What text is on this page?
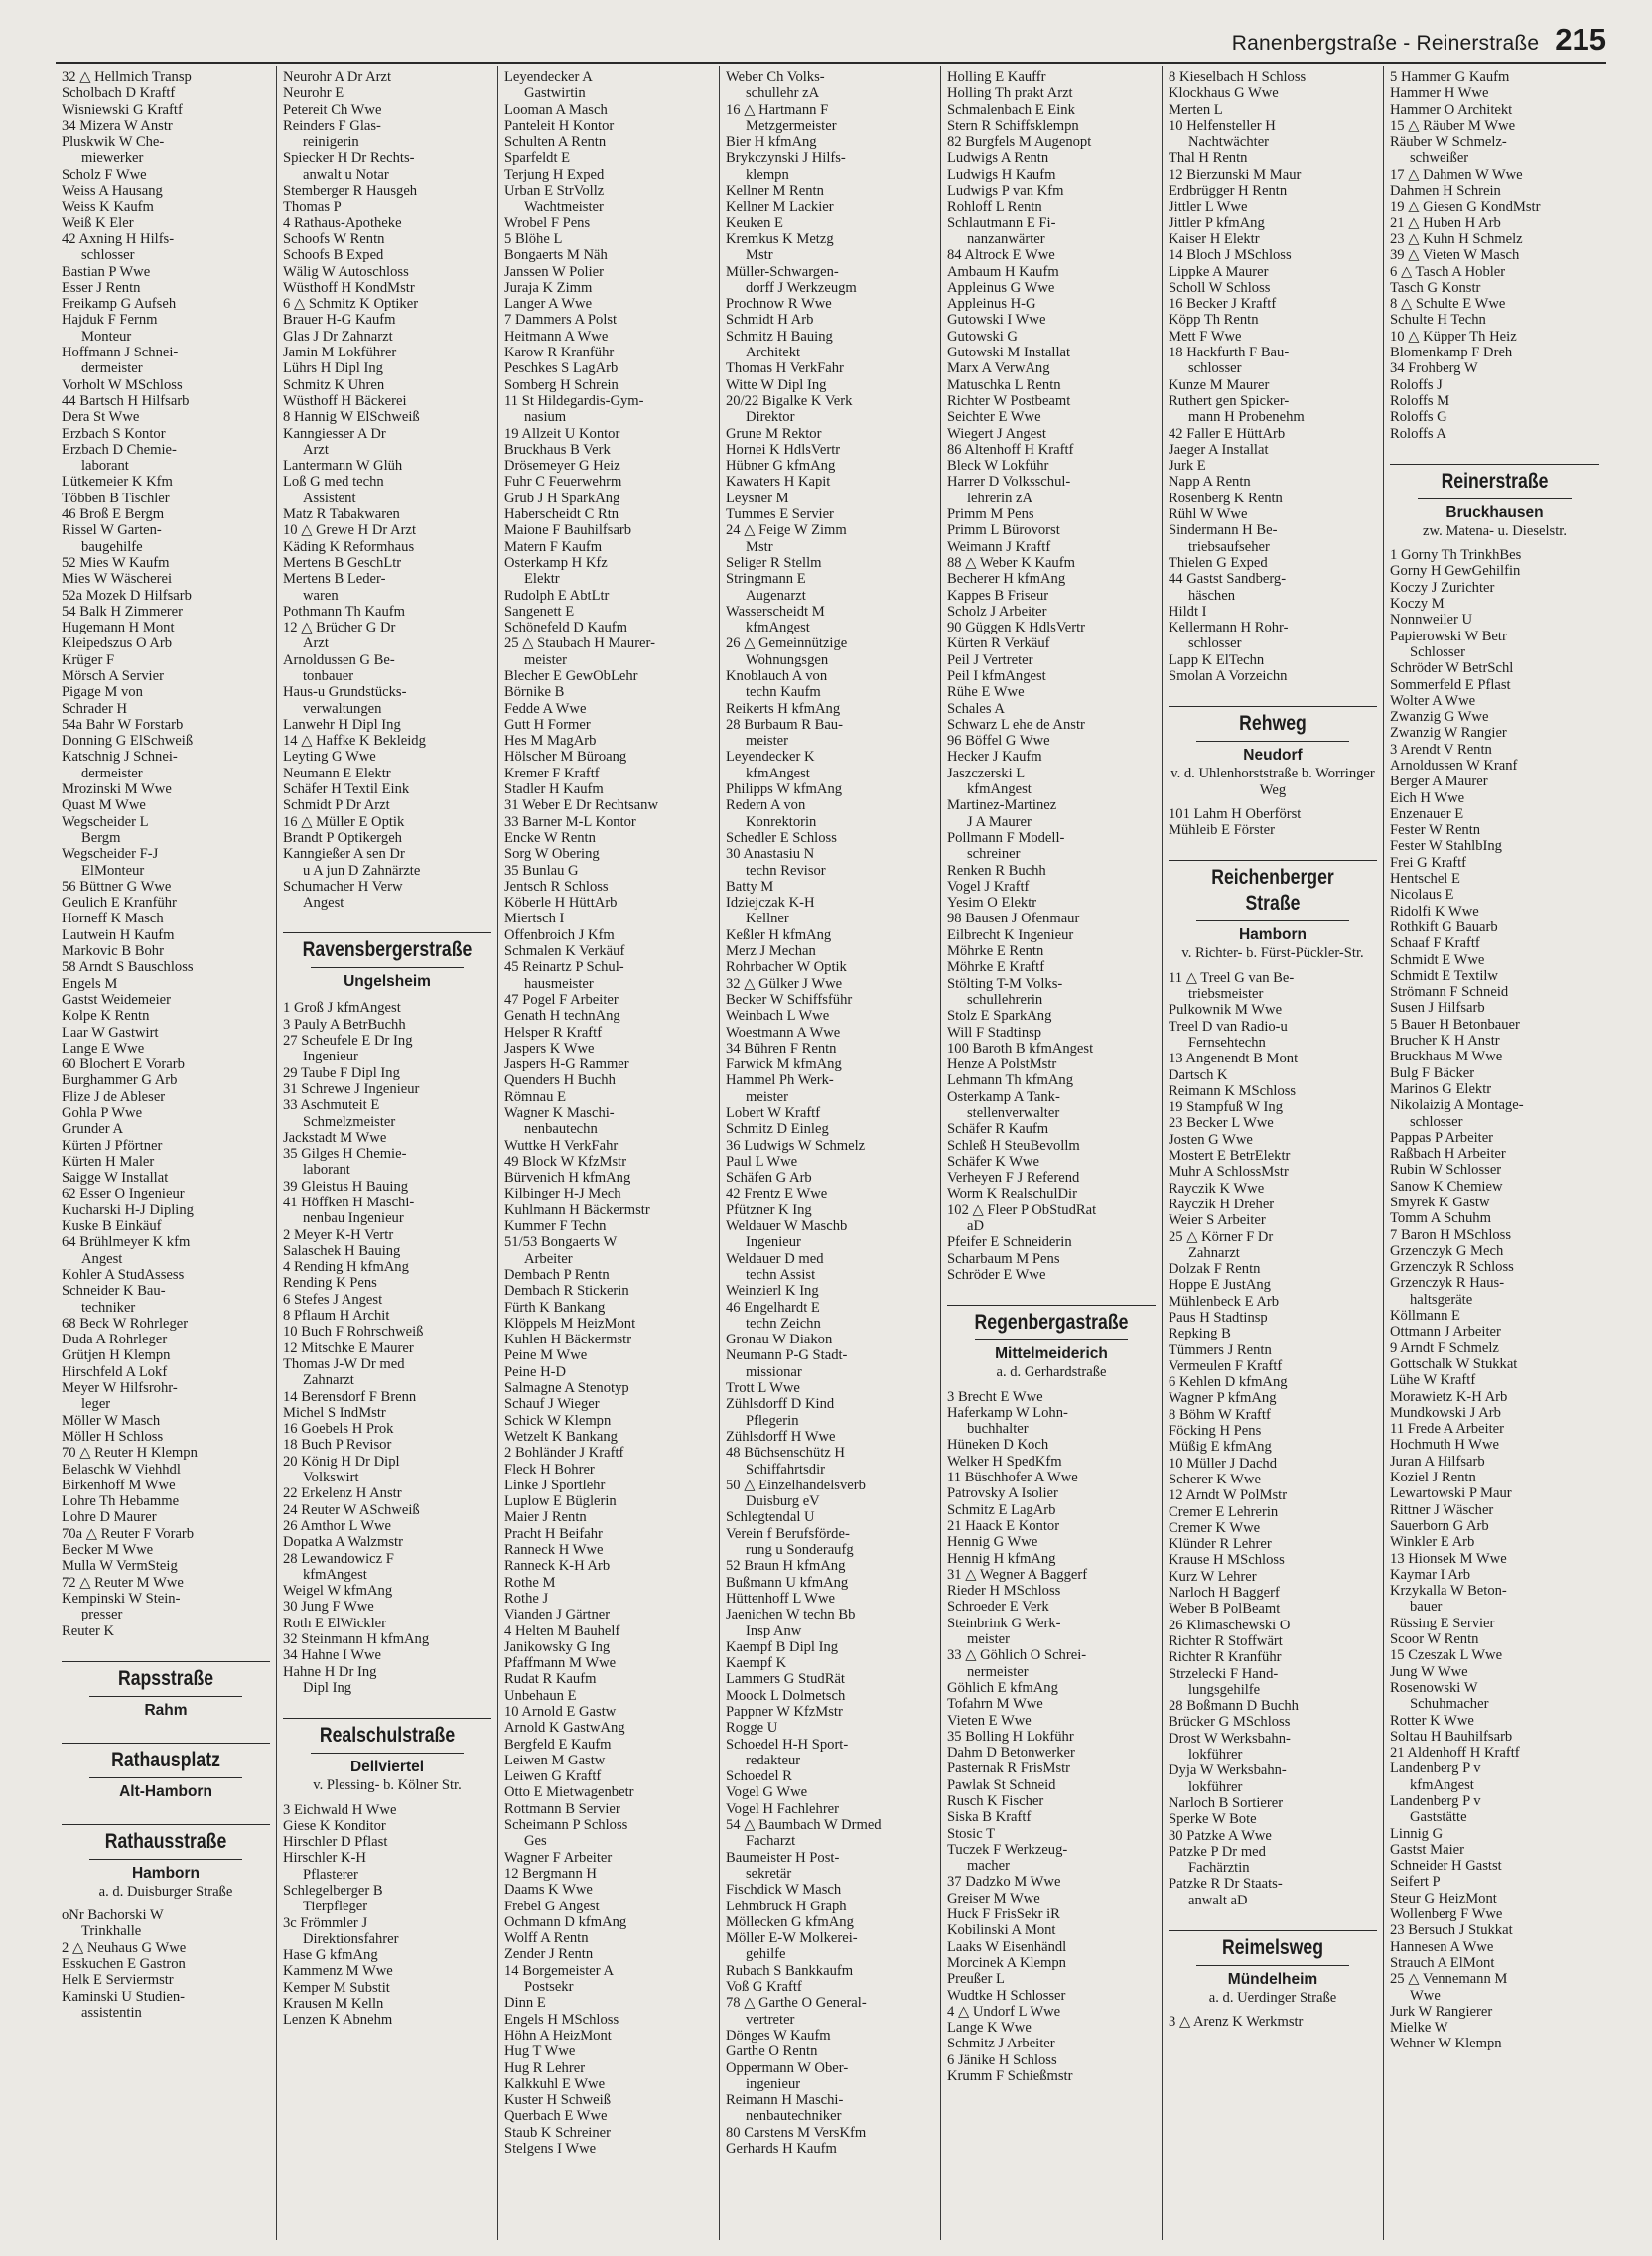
Ranenbergstraße - Reinerstraße 215
32 △ Hellmich Transp
Scholbach D Kraftf
Wisniewski G Kraftf
34 Mizera W Anstr
Pluskwik W Che-
miewerker
Scholz F Wwe
Weiss A Hausang
Weiss K Kaufm
Weiß K Eler
42 Axning H Hilfs-
schlosser
Bastian P Wwe
Esser J Rentn
Freikamp G Aufseh
Hajduk F Fernm
Monteur
Hoffmann J Schnei-
dermeister
Vorholt W MSchloss
44 Bartsch H Hilfsarb
Dera St Wwe
Erzbach S Kontor
Erzbach D Chemie-
laborant
Lütkemeier K Kfm
Többen B Tischler
46 Broß E Bergm
Rissel W Garten-
baugehilfe
52 Mies W Kaufm
Mies W Wäscherei
52a Mozek D Hilfsarb
54 Balk H Zimmerer
Hugemann H Mont
Kleipedszus O Arb
Krüger F
Mörsch A Servier
Pigage M von
Schrader H
54a Bahr W Forstarb
Donning G ElSchweiß
Katschnig J Schnei-
dermeister
Mrozinski M Wwe
Quast M Wwe
Wegscheider L
Bergm
Wegscheider F-J
ElMonteur
56 Büttner G Wwe
Geulich E Kranführ
Horneff K Masch
Lautwein H Kaufm
Markovic B Bohr
58 Arndt S Bauschloss
Engels M
Gastst Weidemeier
Kolpe K Rentn
Laar W Gastwirt
Lange E Wwe
60 Blochert E Vorarb
Burghammer G Arb
Flize J de Ableser
Gohla P Wwe
Grunder A
Kürten J Pförtner
Kürten H Maler
Saigge W Installat
62 Esser O Ingenieur
Kucharski H-J Dipling
Kuske B Einkäuf
64 Brühlmeyer K kfm
Angest
Kohler A StudAssess
Schneider K Bau-
techniker
68 Beck W Rohrleger
Duda A Rohrleger
Grütjen H Klempn
Hirschfeld A Lokf
Meyer W Hilfsrohr-
leger
Möller W Masch
Möller H Schloss
70 △ Reuter H Klempn
Belaschk W Viehhdl
Birkenhoff M Wwe
Lohre Th Hebamme
Lohre D Maurer
70a △ Reuter F Vorarb
Becker M Wwe
Mulla W VermSteig
72 △ Reuter M Wwe
Kempinski W Stein-
presser
Reuter K
Rapsstraße
Rahm
Rathausplatz
Alt-Hamborn
Rathausstraße
Hamborn
a. d. Duisburger Straße
oNr Bachorski W
Trinkhalle
2 △ Neuhaus G Wwe
Esskuchen E Gastron
Helk E Serviermstr
Kaminski U Studien-
assistentin
Neurohr A Dr Arzt
Neurohr E
Petereit Ch Wwe
Reinders F Glas-
reinigerin
Spiecker H Dr Rechts-
anwalt u Notar
Stemberger R Hausgeh
Thomas P
4 Rathaus-Apotheke
Schoofs W Rentn
Schoofs B Exped
Wälig W Autoschloss
Wüsthoff H KondMstr
6 △ Schmitz K Optiker
Brauer H-G Kaufm
Glas J Dr Zahnarzt
Jamin M Lokführer
Lührs H Dipl Ing
Schmitz K Uhren
Wüsthoff H Bäckerei
8 Hannig W ElSchweiß
Kanngiesser A Dr
Arzt
Lantermann W Glüh
Loß G med techn
Assistent
Matz R Tabakwaren
10 △ Grewe H Dr Arzt
Käding K Reformhaus
Mertens B GeschLtr
Mertens B Leder-
waren
Pothmann Th Kaufm
12 △ Brücher G Dr
Arzt
Arnoldussen G Be-
tonbauer
Haus-u Grundstücks-
verwaltungen
Lanwehr H Dipl Ing
14 △ Haffke K Bekleidg
Leyting G Wwe
Neumann E Elektr
Schäfer H Textil Eink
Schmidt P Dr Arzt
16 △ Müller E Optik
Brandt P Optikergeh
Kanngießer A sen Dr
u A jun D Zahnärzte
Schumacher H Verw
Angest
Ravensbergerstraße
Ungelsheim
1 Groß J kfmAngest
3 Pauly A BetrBuchh
27 Scheufele E Dr Ing
Ingenieur
29 Taube F Dipl Ing
31 Schrewe J Ingenieur
33 Aschmuteit E
Schmelzmeister
Jackstadt M Wwe
35 Gilges H Chemie-
laborant
39 Gleistus H Bauing
41 Höffken H Maschi-
nenbau Ingenieur
2 Meyer K-H Vertr
Salaschek H Bauing
4 Rending H kfmAng
Rending K Pens
6 Stefes J Angest
8 Pflaum H Archit
10 Buch F Rohrschweiß
12 Mitschke E Maurer
Thomas J-W Dr med
Zahnarzt
14 Berensdorf F Brenn
Michel S IndMstr
16 Goebels H Prok
18 Buch P Revisor
20 König H Dr Dipl
Volkswirt
22 Erkelenz H Anstr
24 Reuter W ASchweiß
26 Amthor L Wwe
Dopatka A Walzmstr
28 Lewandowicz F
kfmAngest
Weigel W kfmAng
30 Jung F Wwe
Roth E ElWickler
32 Steinmann H kfmAng
34 Hahne I Wwe
Hahne H Dr Ing
Dipl Ing
Realschulstraße
Dellviertel
v. Plessing- b. Kölner Str.
3 Eichwald H Wwe
Giese K Konditor
Hirschler D Pflast
Hirschler K-H
Pflasterer
Schlegelberger B
Tierpfleger
3c Frömmler J
Direktionsfahrer
Hase G kfmAng
Kammenz M Wwe
Kemper M Substit
Krausen M Kelln
Lenzen K Abnehm
Leyendecker A
Gastwirtin
Looman A Masch
Panteleit H Kontor
Schulten A Rentn
Sparfeldt E
Terjung H Exped
Urban E StrVollz
Wachtmeister
Wrobel F Pens
5 Blöhe L
Bongaerts M Näh
Janssen W Polier
Juraja K Zimm
Langer A Wwe
7 Dammers A Polst
Heitmann A Wwe
Karow R Kranführ
Peschkes S LagArb
Somberg H Schrein
11 St Hildegardis-Gym-
nasium
19 Allzeit U Kontor
Bruckhaus B Verk
Drösemeyer G Heiz
Fuhr C Feuerwehrm
Grub J H SparkAng
Haberscheidt C Rtn
Maione F Bauhilfsarb
Matern F Kaufm
Osterkamp H Kfz
Elektr
Rudolph E AbtLtr
Sangenett E
Schönefeld D Kaufm
25 △ Staubach H Maurer-
meister
Blecher E GewObLehr
Börnike B
Fedde A Wwe
Gutt H Former
Hes M MagArb
Hölscher M Büroang
Kremer F Kraftf
Stadler H Kaufm
31 Weber E Dr Rechtsanw
33 Barner M-L Kontor
Encke W Rentn
Sorg W Obering
35 Bunlau G
Jentsch R Schloss
Köberle H HüttArb
Miertsch I
Offenbroich J Kfm
Schmalen K Verkäuf
45 Reinartz P Schul-
hausmeister
47 Pogel F Arbeiter
Genath H technAng
Helsper R Kraftf
Jaspers K Wwe
Jaspers H-G Rammer
Quenders H Buchh
Römnau E
Wagner K Maschi-
nenbautechn
Wuttke H VerkFahr
49 Block W KfzMstr
Bürvenich H kfmAng
Kilbinger H-J Mech
Kuhlmann H Bäckermstr
Kummer F Techn
51/53 Bongaerts W
Arbeiter
Dembach P Rentn
Dembach R Stickerin
Fürth K Bankang
Klöppels M HeizMont
Kuhlen H Bäckermstr
Peine M Wwe
Peine H-D
Salmagne A Stenotyp
Schauf J Wieger
Schick W Klempn
Wetzelt K Bankang
2 Bohländer J Kraftf
Fleck H Bohrer
Linke J Sportlehr
Luplow E Büglerin
Maier J Rentn
Pracht H Beifahr
Ranneck H Wwe
Ranneck K-H Arb
Rothe M
Rothe J
Vianden J Gärtner
4 Helten M Bauhelf
Janikowsky G Ing
Pfaffmann M Wwe
Rudat R Kaufm
Unbehaun E
10 Arnold E Gastw
Arnold K GastwAng
Bergfeld E Kaufm
Leiwen M Gastw
Leiwen G Kraftf
Otto E Mietwagenbetr
Rottmann B Servier
Scheimann P Schloss
Ges
Wagner F Arbeiter
12 Bergmann H
Daams K Wwe
Frebel G Angest
Ochmann D kfmAng
Wolff A Rentn
Zender J Rentn
14 Borgemeister A
Postsekr
Dinn E
Engels H MSchloss
Höhn A HeizMont
Hug T Wwe
Hug R Lehrer
Kalkkuhl E Wwe
Kuster H Schweiß
Querbach E Wwe
Staub K Schreiner
Stelgens I Wwe
Weber Ch Volks-
schullehr zA
16 △ Hartmann F
Metzgermeister
Bier H kfmAng
Brykczynski J Hilfs-
klempn
Kellner M Rentn
Kellner M Lackier
Keuken E
Kremkus K Metzg
Mstr
Müller-Schwargen-
dorff J Werkzeugm
Prochnow R Wwe
Schmidt H Arb
Schmitz H Bauing
Architekt
Thomas H VerkFahr
Witte W Dipl Ing
20/22 Bigalke K Verk
Direktor
Grune M Rektor
Hornei K HdlsVertr
Hübner G kfmAng
Kawaters H Kapit
Leysner M
Tummes E Servier
24 △ Feige W Zimm
Mstr
Seliger R Stellm
Stringmann E
Augenarzt
Wasserscheidt M
kfmAngest
26 △ Gemeinnützige
Wohnungsgen
Knoblauch A von
techn Kaufm
Reikerts H kfmAng
28 Burbaum R Bau-
meister
Leyendecker K
kfmAngest
Philipps W kfmAng
Redern A von
Konrektorin
Schedler E Schloss
30 Anastasiu N
techn Revisor
Batty M
Idziejczak K-H
Kellner
Keßler H kfmAng
Merz J Mechan
Rohrbacher W Optik
32 △ Gülker J Wwe
Becker W Schiffsführ
Weinbach L Wwe
Woestmann A Wwe
34 Bühren F Rentn
Farwick M kfmAng
Hammel Ph Werk-
meister
Lobert W Kraftf
Schmitz D Einleg
36 Ludwigs W Schmelz
Paul L Wwe
Schäfen G Arb
42 Frentz E Wwe
Pfützner K Ing
Weldauer W Maschb
Ingenieur
Weldauer D med
techn Assist
Weinzierl K Ing
46 Engelhardt E
techn Zeichn
Gronau W Diakon
Neumann P-G Stadt-
missionar
Trott L Wwe
Zühlsdorff D Kind
Pflegerin
Zühlsdorff H Wwe
48 Büchsenschütz H
Schiffahrtsdir
50 △ Einzelhandelsverb
Duisburg eV
Schlegtendal U
Verein f Berufsförde-
rung u Sonderaufg
52 Braun H kfmAng
Bußmann U kfmAng
Hüttenhoff L Wwe
Jaenichen W techn Bb
Insp Anw
Kaempf B Dipl Ing
Kaempf K
Lammers G StudRät
Moock L Dolmetsch
Pappner W KfzMstr
Rogge U
Schoedel H-H Sport-
redakteur
Schoedel R
Vogel G Wwe
Vogel H Fachlehrer
54 △ Baumbach W Drmed
Facharzt
Baumeister H Post-
sekretär
Fischdick W Masch
Lehmbruck H Graph
Möllecken G kfmAng
Möller E-W Molkerei-
gehilfe
Rubach S Bankkaufm
Voß G Kraftf
78 △ Garthe O General-
vertreter
Dönges W Kaufm
Garthe O Rentn
Oppermann W Ober-
ingenieur
Reimann H Maschi-
nenbautechniker
80 Carstens M VersKfm
Gerhards H Kaufm
Holling E Kauffr
Holling Th prakt Arzt
Schmalenbach E Eink
Stern R Schiffsklempn
82 Burgfels M Augenopt
Ludwigs A Rentn
Ludwigs H Kaufm
Ludwigs P van Kfm
Rohloff L Rentn
Schlautmann E Fi-
nanzanwärter
84 Altrock E Wwe
Ambaum H Kaufm
Appleinus G Wwe
Appleinus H-G
Gutowski I Wwe
Gutowski G
Gutowski M Installat
Marx A VerwAng
Matuschka L Rentn
Richter W Postbeamt
Seichter E Wwe
Wiegert J Angest
86 Altenhoff H Kraftf
Bleck W Lokführ
Harrer D Volksschul-
lehrerin zA
Primm M Pens
Primm L Bürovorst
Weimann J Kraftf
88 △ Weber K Kaufm
Becherer H kfmAng
Kappes B Friseur
Scholz J Arbeiter
90 Güggen K HdlsVertr
Kürten R Verkäuf
Peil J Vertreter
Peil I kfmAngest
Rühe E Wwe
Schales A
Schwarz L ehe de Anstr
96 Böffel G Wwe
Hecker J Kaufm
Jaszczerski L
kfmAngest
Martinez-Martinez
J A Maurer
Pollmann F Modell-
schreiner
Renken R Buchh
Vogel J Kraftf
Yesim O Elektr
98 Bausen J Ofenmaur
Eilbrecht K Ingenieur
Möhrke E Rentn
Möhrke E Kraftf
Stölting T-M Volks-
schullehrerin
Stolz E SparkAng
Will F Stadtinsp
100 Baroth B kfmAngest
Henze A PolstMstr
Lehmann Th kfmAng
Osterkamp A Tank-
stellenverwalter
Schäfer R Kaufm
Schleß H SteuBevollm
Schäfer K Wwe
Verheyen F J Referend
Worm K RealschulDir
102 △ Fleer P ObStudRat
aD
Pfeifer E Schneiderin
Scharbaum M Pens
Schröder E Wwe
Regenbergastraße
Mittelmeiderich
a. d. Gerhardstraße
3 Brecht E Wwe
Haferkamp W Lohn-
buchhalter
Hüneken D Koch
Welker H SpedKfm
11 Büschhofer A Wwe
Patrovsky A Isolier
Schmitz E LagArb
21 Haack E Kontor
Hennig G Wwe
Hennig H kfmAng
31 △ Wegner A Baggerf
Rieder H MSchloss
Schroeder E Verk
Steinbrink G Werk-
meister
33 △ Göhlich O Schrei-
nermeister
Göhlich E kfmAng
Tofahrn M Wwe
Vieten E Wwe
35 Bolling H Lokführ
Dahm D Betonwerker
Pasternak R FrisMstr
Pawlak St Schneid
Rusch K Fischer
Siska B Kraftf
Stosic T
Tuczek F Werkzeug-
macher
37 Dadzko M Wwe
Greiser M Wwe
Huck F FrisSekr iR
Kobilinski A Mont
Laaks W Eisenhändl
Morcinek A Klempn
Preußer L
Wudtke H Schlosser
4 △ Undorf L Wwe
Lange K Wwe
Schmitz J Arbeiter
6 Jänike H Schloss
Krumm F Schießmstr
8 Kieselbach H Schloss
Klockhaus G Wwe
Merten L
10 Helfensteller H
Nachtwächter
Thal H Rentn
12 Bierzunski M Maur
Erdbrügger H Rentn
Jittler L Wwe
Jittler P kfmAng
Kaiser H Elektr
14 Bloch J MSchloss
Lippke A Maurer
Scholl W Schloss
16 Becker J Kraftf
Köpp Th Rentn
Mett F Wwe
18 Hackfurth F Bau-
schlosser
Kunze M Maurer
Ruthert gen Spicker-
mann H Probenehm
42 Faller E HüttArb
Jaeger A Installat
Jurk E
Napp A Rentn
Rosenberg K Rentn
Rühl W Wwe
Sindermann H Be-
triebsaufseher
Thielen G Exped
44 Gastst Sandberg-
häschen
Hildt I
Kellermann H Rohr-
schlosser
Lapp K ElTechn
Smolan A Vorzeichn
Rehweg
Neudorf
v. d. Uhlenhorststraße b. Worringer Weg
101 Lahm H Oberförst
Mühleib E Förster
Reichenberger Straße
Hamborn
v. Richter- b. Fürst-Pückler-Str.
11 △ Treel G van Be-
triebsmeister
Pulkownik M Wwe
Treel D van Radio-u
Fernsehtechn
13 Angenendt B Mont
Dartsch K
Reimann K MSchloss
19 Stampfuß W Ing
23 Becker L Wwe
Josten G Wwe
Mostert E BetrElektr
Muhr A SchlossMstr
Rayczik K Wwe
Rayczik H Dreher
Weier S Arbeiter
25 △ Körner F Dr
Zahnarzt
Dolzak F Rentn
Hoppe E JustAng
Mühlenbeck E Arb
Paus H Stadtinsp
Repking B
Tümmers J Rentn
Vermeulen F Kraftf
6 Kehlen D kfmAng
Wagner P kfmAng
8 Böhm W Kraftf
Föcking H Pens
Müßig E kfmAng
10 Müller J Dachd
Scherer K Wwe
12 Arndt W PolMstr
Cremer E Lehrerin
Cremer K Wwe
Klünder R Lehrer
Krause H MSchloss
Kurz W Lehrer
Narloch H Baggerf
Weber B PolBeamt
26 Klimaschewski O
Richter R Stoffwärt
Richter R Kranführ
Strzelecki F Hand-
lungsgehilfe
28 Boßmann D Buchh
Brücker G MSchloss
Drost W Werksbahn-
lokführer
Dyja W Werksbahn-
lokführer
Narloch B Sortierer
Sperke W Bote
30 Patzke A Wwe
Patzke P Dr med
Fachärztin
Patzke R Dr Staats-
anwalt aD
Reimelsweg
Mündelheim
a. d. Uerdinger Straße
3 △ Arenz K Werkmstr
5 Hammer G Kaufm
Hammer H Wwe
Hammer O Architekt
15 △ Räuber M Wwe
Räuber W Schmelz-
schweißer
17 △ Dahmen W Wwe
Dahmen H Schrein
19 △ Giesen G KondMstr
21 △ Huben H Arb
23 △ Kuhn H Schmelz
39 △ Vieten W Masch
6 △ Tasch A Hobler
Tasch G Konstr
8 △ Schulte E Wwe
Schulte H Techn
10 △ Küpper Th Heiz
Blomenkamp F Dreh
34 Frohberg W
Roloffs J
Roloffs M
Roloffs G
Roloffs A
Reinerstraße
Bruckhausen
zw. Matena- u. Dieselstr.
1 Gorny Th TrinkhBes
Gorny H GewGehilfin
Koczy J Zurichter
Koczy M
Nonnweiler U
Papierowski W Betr
Schlosser
Schröder W BetrSchl
Sommerfeld E Pflast
Wolter A Wwe
Zwanzig G Wwe
Zwanzig W Rangier
3 Arendt V Rentn
Arnoldussen W Kranf
Berger A Maurer
Eich H Wwe
Enzenauer E
Fester W Rentn
Fester W StahlbIng
Frei G Kraftf
Hentschel E
Nicolaus E
Ridolfi K Wwe
Rothkift G Bauarb
Schaaf F Kraftf
Schmidt E Wwe
Schmidt E Textilw
Strömann F Schneid
Susen J Hilfsarb
5 Bauer H Betonbauer
Brucher K H Anstr
Bruckhaus M Wwe
Bulg F Bäcker
Marinos G Elektr
Nikolaizig A Montage-
schlosser
Pappas P Arbeiter
Raßbach H Arbeiter
Rubin W Schlosser
Sanow K Chemiew
Smyrek K Gastw
Tomm A Schuhm
7 Baron H MSchloss
Grzenczyk G Mech
Grzenczyk R Schloss
Grzenczyk R Haus-
haltsgeräte
Köllmann E
Ottmann J Arbeiter
9 Arndt F Schmelz
Gottschalk W Stukkat
Lühe W Kraftf
Morawietz K-H Arb
Mundkowski J Arb
11 Frede A Arbeiter
Hochmuth H Wwe
Juran A Hilfsarb
Koziel J Rentn
Lewartowski P Maur
Rittner J Wäscher
Sauerborn G Arb
Winkler E Arb
13 Hionsek M Wwe
Kaymar I Arb
Krzykalla W Beton-
bauer
Rüssing E Servier
Scoor W Rentn
15 Czeszak L Wwe
Jung W Wwe
Rosenowski W
Schuhmacher
Rotter K Wwe
Soltau H Bauhilfsarb
21 Aldenhoff H Kraftf
Landenberg P v
kfmAngest
Landenberg P v
Gaststätte
Linnig G
Gastst Maier
Schneider H Gastst
Seifert P
Steur G HeizMont
Wollenberg F Wwe
23 Bersuch J Stukkat
Hannesen A Wwe
Strauch A ElMont
25 △ Vennemann M
Wwe
Jurk W Rangierer
Mielke W
Wehner W Klempn
